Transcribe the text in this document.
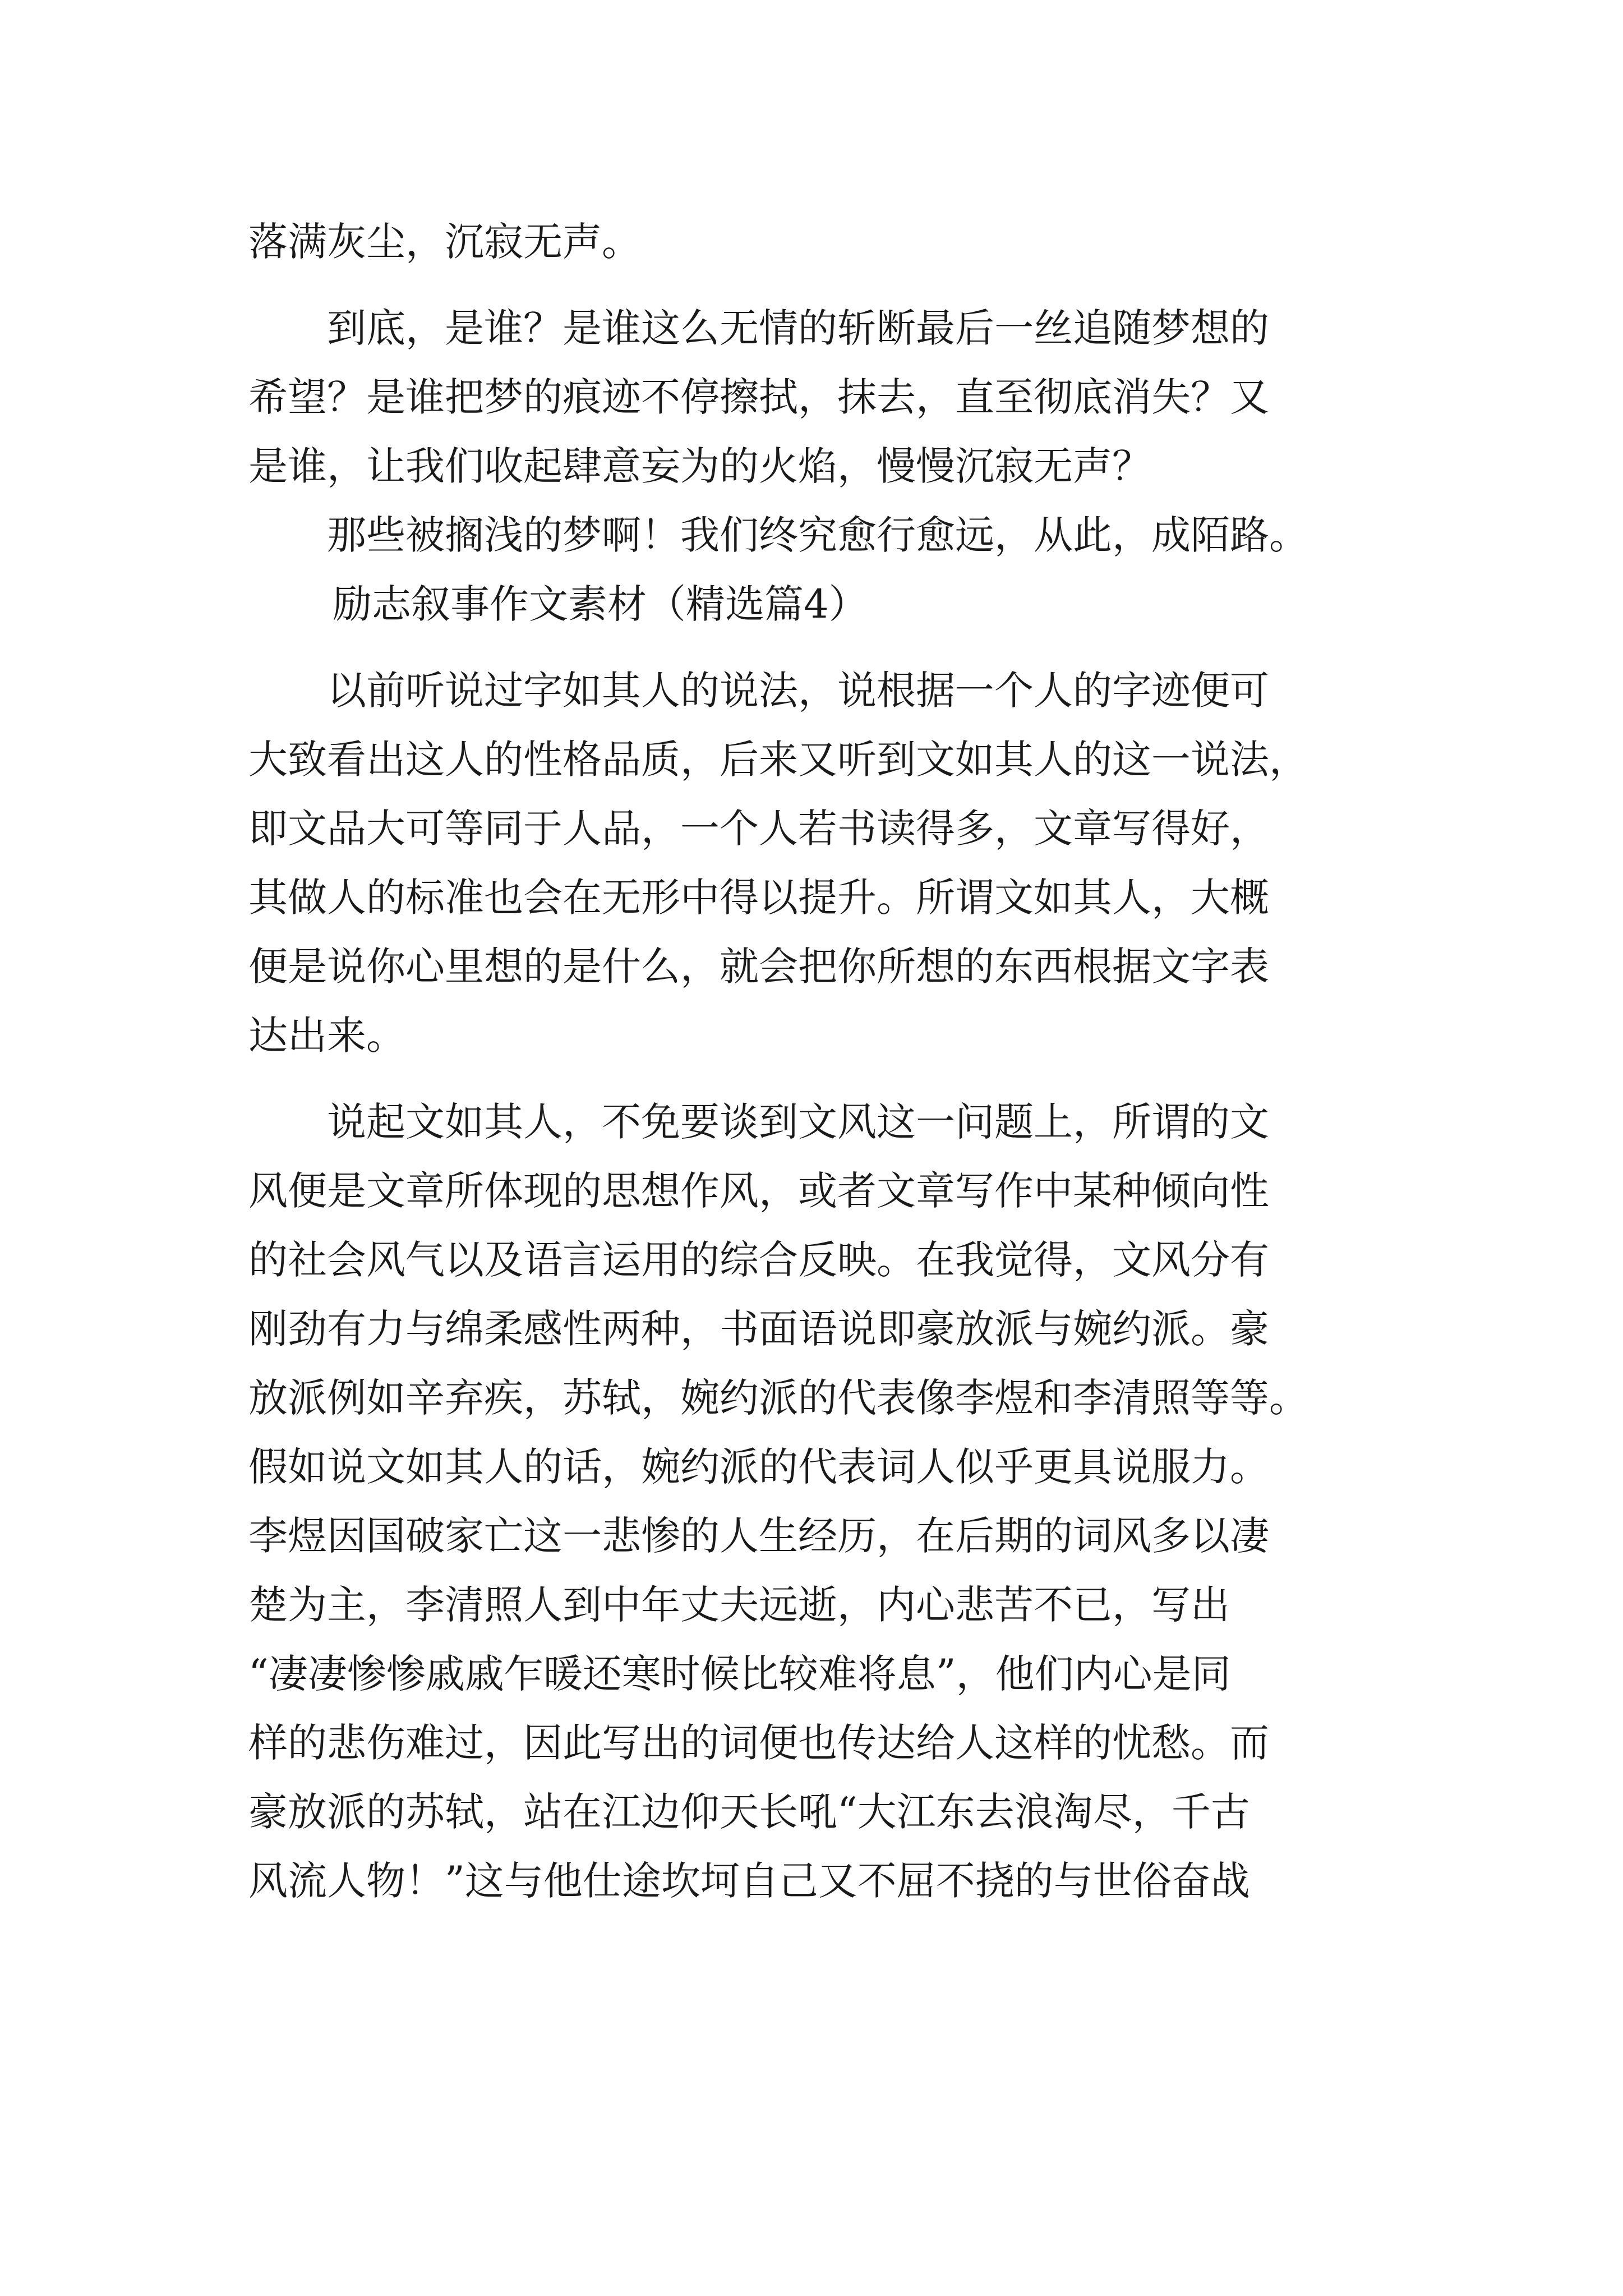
落满灰尘，沉寂无声。
到底，是谁？是谁这么无情的斩断最后一丝追随梦想的
希望？是谁把梦的痕迹不停擦拭，抹去，直至彻底消失？又
是谁，让我们收起肆意妄为的火焰，慢慢沉寂无声？
那些被搁浅的梦啊！我们终究愈行愈远，从此，成陌路。
励志叙事作文素材（精选篇4）
以前听说过字如其人的说法，说根据一个人的字迹便可
大致看出这人的性格品质，后来又听到文如其人的这一说法，
即文品大可等同于人品，一个人若书读得多，文章写得好，
其做人的标准也会在无形中得以提升。所谓文如其人，大概
便是说你心里想的是什么，就会把你所想的东西根据文字表
达出来。
说起文如其人，不免要谈到文风这一问题上，所谓的文
风便是文章所体现的思想作风，或者文章写作中某种倾向性
的社会风气以及语言运用的综合反映。在我觉得，文风分有
刚劲有力与绵柔感性两种，书面语说即豪放派与婉约派。豪
放派例如辛弃疾，苏轼，婉约派的代表像李煜和李清照等等。
假如说文如其人的话，婉约派的代表词人似乎更具说服力。
李煜因国破家亡这一悲惨的人生经历，在后期的词风多以凄
楚为主，李清照人到中年丈夫远逝，内心悲苦不已，写出
“凄凄惨惨戚戚乍暖还寒时候比较难将息”，他们内心是同
样的悲伤难过，因此写出的词便也传达给人这样的忧愁。而
豪放派的苏轼，站在江边仰天长吼“大江东去浪淘尽，千古
风流人物！”这与他仕途坎坷自己又不屈不挠的与世俗奋战
